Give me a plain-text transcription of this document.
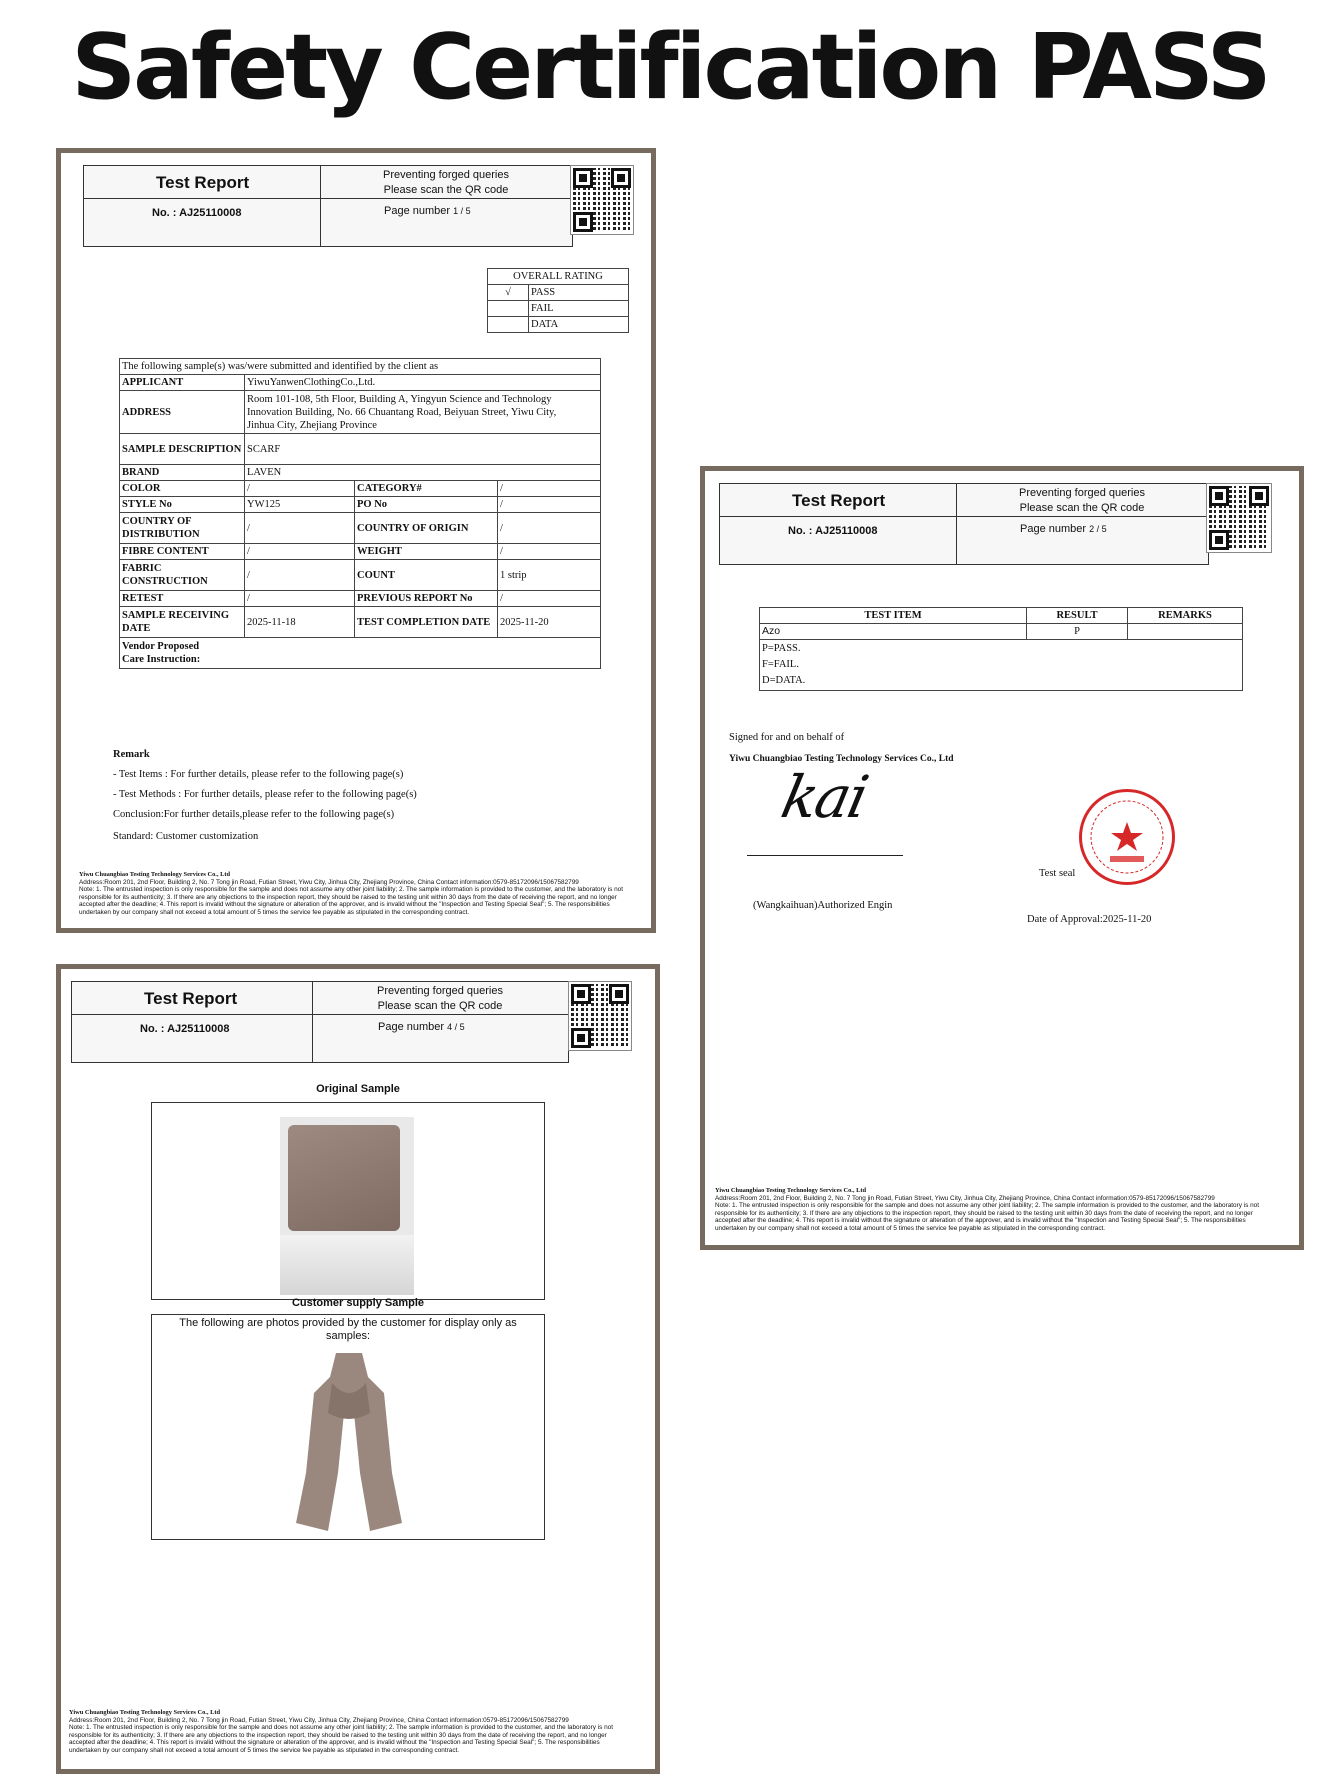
Safety Certification PASS
Test Report
No. : AJ25110008
Preventing forged queries
Please scan the QR code
Page number 1 / 5
OVERALL RATING	
√	PASS
	FAIL
	DATA
The following sample(s) was/were submitted and identified by the client as			
APPLICANT	YiwuYanwenClothingCo.,Ltd.		
ADDRESS	Room 101-108, 5th Floor, Building A, Yingyun Science and Technology Innovation Building, No. 66 Chuantang Road, Beiyuan Street, Yiwu City, Jinhua City, Zhejiang Province		
SAMPLE DESCRIPTION	SCARF		
BRAND	LAVEN		
COLOR	/	CATEGORY#	/
STYLE No	YW125	PO No	/
COUNTRY OF DISTRIBUTION	/	COUNTRY OF ORIGIN	/
FIBRE CONTENT	/	WEIGHT	/
FABRIC CONSTRUCTION	/	COUNT	1 strip
RETEST	/	PREVIOUS REPORT No	/
SAMPLE RECEIVING DATE	2025-11-18	TEST COMPLETION DATE	2025-11-20
Vendor Proposed Care Instruction:			
Remark
- Test Items : For further details, please refer to the following page(s)
- Test Methods : For further details, please refer to the following page(s)
Conclusion:For further details,please refer to the following page(s)
Standard: Customer customization
Yiwu Chuangbiao Testing Technology Services Co., Ltd
Address:Room 201, 2nd Floor, Building 2, No. 7 Tong jin Road, Futian Street, Yiwu City, Jinhua City, Zhejiang Province, China Contact information:0579-85172096/15067582799
Note: 1. The entrusted inspection is only responsible for the sample and does not assume any other joint liability; 2. The sample information is provided to the customer, and the laboratory is not responsible for its authenticity; 3. If there are any objections to the inspection report, they should be raised to the testing unit within 30 days from the date of receiving the report, and no longer accepted after the deadline; 4. This report is invalid without the signature or alteration of the approver, and is invalid without the "Inspection and Testing Special Seal"; 5. The responsibilities undertaken by our company shall not exceed a total amount of 5 times the service fee payable as stipulated in the corresponding contract.
Test Report
No. : AJ25110008
Preventing forged queries
Please scan the QR code
Page number 2 / 5
TEST ITEM	RESULT	REMARKS
Azo	P	

P=PASS.
F=FAIL.
D=DATA.		
Signed for and on behalf of
Yiwu Chuangbiao Testing Technology Services Co., Ltd
kai
(Wangkaihuan)Authorized Engin
Test seal
Date of Approval:2025-11-20
Yiwu Chuangbiao Testing Technology Services Co., Ltd
Address:Room 201, 2nd Floor, Building 2, No. 7 Tong jin Road, Futian Street, Yiwu City, Jinhua City, Zhejiang Province, China Contact information:0579-85172096/15067582799
Note: 1. The entrusted inspection is only responsible for the sample and does not assume any other joint liability; 2. The sample information is provided to the customer, and the laboratory is not responsible for its authenticity; 3. If there are any objections to the inspection report, they should be raised to the testing unit within 30 days from the date of receiving the report, and no longer accepted after the deadline; 4. This report is invalid without the signature or alteration of the approver, and is invalid without the "Inspection and Testing Special Seal"; 5. The responsibilities undertaken by our company shall not exceed a total amount of 5 times the service fee payable as stipulated in the corresponding contract.
Test Report
No. : AJ25110008
Preventing forged queries
Please scan the QR code
Page number 4 / 5
Original Sample
Customer supply Sample
The following are photos provided by the customer for display only as samples:
Yiwu Chuangbiao Testing Technology Services Co., Ltd
Address:Room 201, 2nd Floor, Building 2, No. 7 Tong jin Road, Futian Street, Yiwu City, Jinhua City, Zhejiang Province, China Contact information:0579-85172096/15067582799
Note: 1. The entrusted inspection is only responsible for the sample and does not assume any other joint liability; 2. The sample information is provided to the customer, and the laboratory is not responsible for its authenticity; 3. If there are any objections to the inspection report, they should be raised to the testing unit within 30 days from the date of receiving the report, and no longer accepted after the deadline; 4. This report is invalid without the signature or alteration of the approver, and is invalid without the "Inspection and Testing Special Seal"; 5. The responsibilities undertaken by our company shall not exceed a total amount of 5 times the service fee payable as stipulated in the corresponding contract.
